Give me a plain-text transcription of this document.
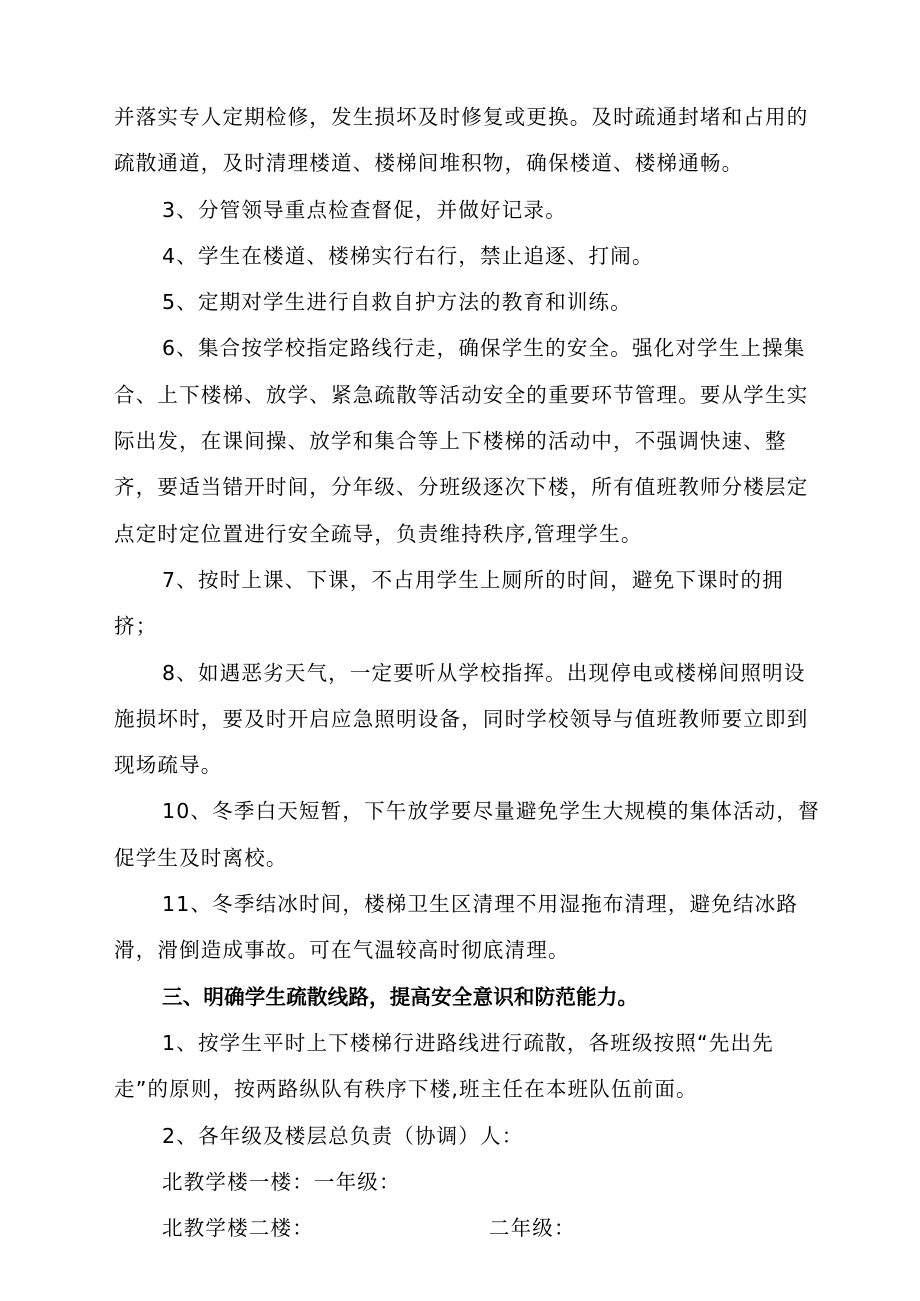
并落实专人定期检修，发生损坏及时修复或更换。及时疏通封堵和占用的疏散通道，及时清理楼道、楼梯间堆积物，确保楼道、楼梯通畅。

3、分管领导重点检查督促，并做好记录。

4、学生在楼道、楼梯实行右行，禁止追逐、打闹。

5、定期对学生进行自救自护方法的教育和训练。

6、集合按学校指定路线行走，确保学生的安全。强化对学生上操集合、上下楼梯、放学、紧急疏散等活动安全的重要环节管理。要从学生实际出发，在课间操、放学和集合等上下楼梯的活动中，不强调快速、整齐，要适当错开时间，分年级、分班级逐次下楼，所有值班教师分楼层定点定时定位置进行安全疏导，负责维持秩序,管理学生。

7、按时上课、下课，不占用学生上厕所的时间，避免下课时的拥挤；

8、如遇恶劣天气，一定要听从学校指挥。出现停电或楼梯间照明设施损坏时，要及时开启应急照明设备，同时学校领导与值班教师要立即到现场疏导。

10、冬季白天短暂，下午放学要尽量避免学生大规模的集体活动，督促学生及时离校。

11、冬季结冰时间，楼梯卫生区清理不用湿拖布清理，避免结冰路滑，滑倒造成事故。可在气温较高时彻底清理。

三、明确学生疏散线路，提高安全意识和防范能力。

1、按学生平时上下楼梯行进路线进行疏散，各班级按照“先出先走”的原则，按两路纵队有秩序下楼,班主任在本班队伍前面。

2、各年级及楼层总负责（协调）人：

北教学楼一楼：一年级：

北教学楼二楼：	二年级：
